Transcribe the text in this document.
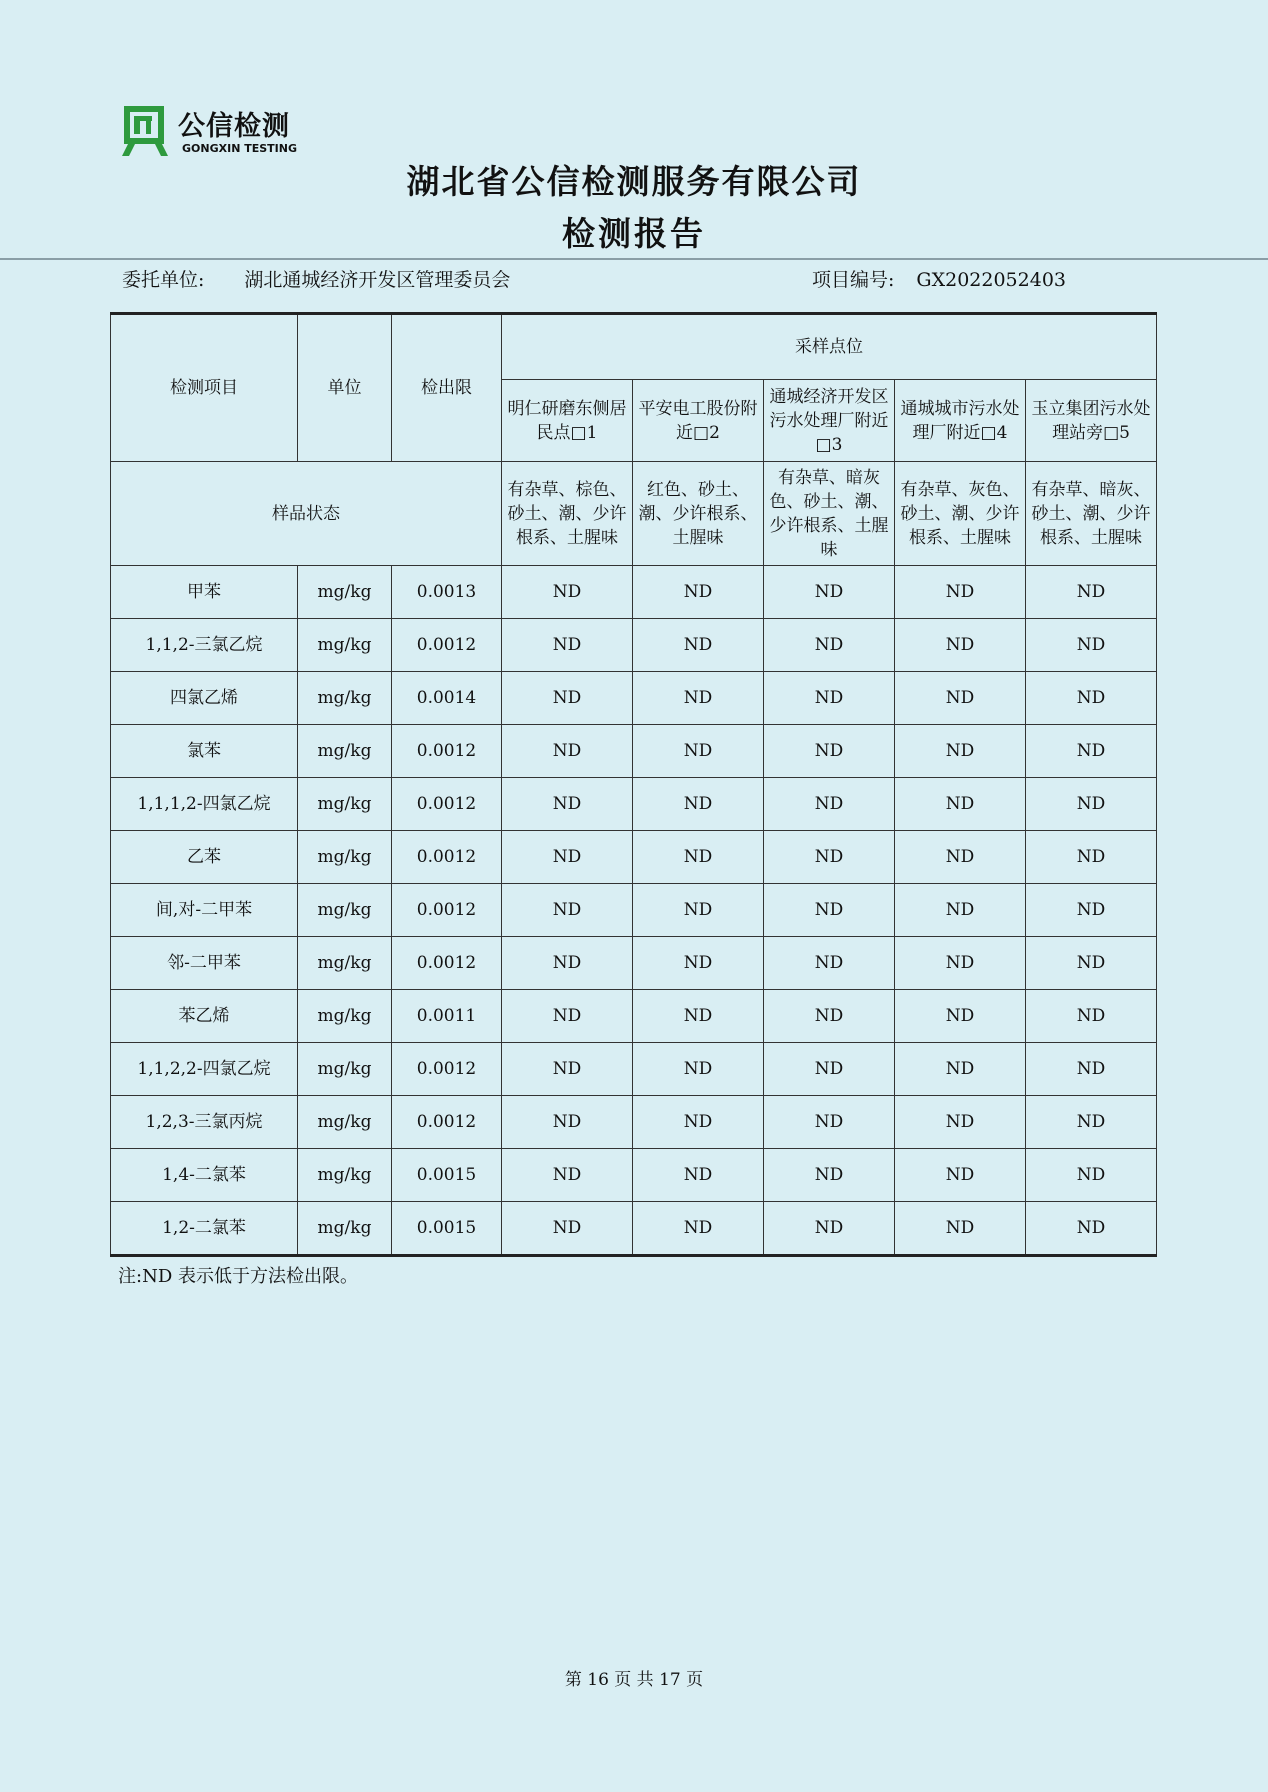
公信检测
GONGXIN TESTING
湖北省公信检测服务有限公司
检测报告
委托单位: 湖北通城经济开发区管理委员会	项目编号: GX2022052403
检测项目	单位	检出限	采样点位				
			明仁研磨东侧居民点□1	平安电工股份附近□2	通城经济开发区污水处理厂附近□3	通城城市污水处理厂附近□4	玉立集团污水处理站旁□5
样品状态			有杂草、棕色、砂土、潮、少许根系、土腥味	红色、砂土、潮、少许根系、土腥味	有杂草、暗灰色、砂土、潮、少许根系、土腥味	有杂草、灰色、砂土、潮、少许根系、土腥味	有杂草、暗灰、砂土、潮、少许根系、土腥味
甲苯	mg/kg	0.0013	ND	ND	ND	ND	ND
1,1,2-三氯乙烷	mg/kg	0.0012	ND	ND	ND	ND	ND
四氯乙烯	mg/kg	0.0014	ND	ND	ND	ND	ND
氯苯	mg/kg	0.0012	ND	ND	ND	ND	ND
1,1,1,2-四氯乙烷	mg/kg	0.0012	ND	ND	ND	ND	ND
乙苯	mg/kg	0.0012	ND	ND	ND	ND	ND
间,对-二甲苯	mg/kg	0.0012	ND	ND	ND	ND	ND
邻-二甲苯	mg/kg	0.0012	ND	ND	ND	ND	ND
苯乙烯	mg/kg	0.0011	ND	ND	ND	ND	ND
1,1,2,2-四氯乙烷	mg/kg	0.0012	ND	ND	ND	ND	ND
1,2,3-三氯丙烷	mg/kg	0.0012	ND	ND	ND	ND	ND
1,4-二氯苯	mg/kg	0.0015	ND	ND	ND	ND	ND
1,2-二氯苯	mg/kg	0.0015	ND	ND	ND	ND	ND
注:ND 表示低于方法检出限。
第 16 页 共 17 页
